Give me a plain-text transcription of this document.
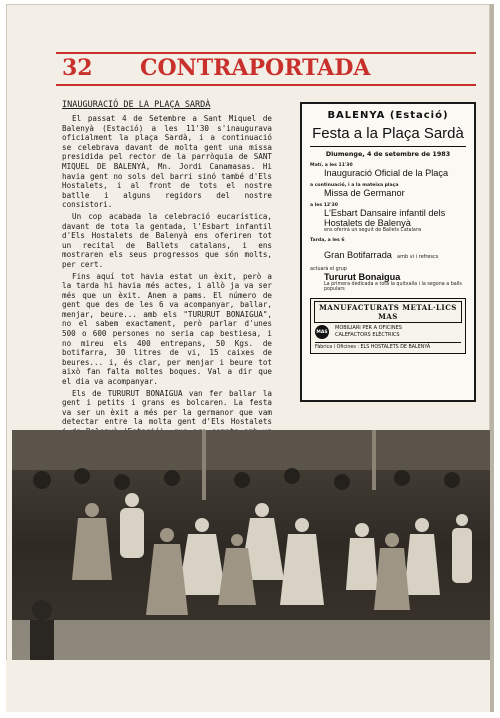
32 CONTRAPORTADA
INAUGURACIÓ DE LA PLAÇA SARDÀ

El passat 4 de Setembre a Sant Miquel de Balenyà (Estació) a les 11'30 s'inaugurava oficialment la plaça Sardà, i a continuació se celebrava davant de molta gent una missa presidida pel rector de la parròquia de SANT MIQUEL DE BALENYÀ, Mn. Jordi Canamasas. Hi havia gent no sols del barri sinó també d'Els Hostalets, i al front de tots el nostre batlle i alguns regidors del nostre consistori.

Un cop acabada la celebració eucarística, davant de tota la gentada, l'Esbart infantil d'Els Hostalets de Balenyà ens oferiren tot un recital de Ballets catalans, i ens mostraren els seus progressos que són molts, per cert.

Fins aquí tot havia estat un èxit, però a la tarda hi havia més actes, i allò ja va ser més que un èxit. Anem a pams. El número de gent que des de les 6 va acompanyar, ballar, menjar, beure... amb els "TURURUT BONAIGUA", no el sabem exactament, però parlar d'unes 500 o 600 persones no seria cap bestiesa, i no mireu els 400 entrepans, 50 Kgs. de botifarra, 30 litres de vi, 15 caixes de beures... i, és clar, per menjar i beure tot això fan falta moltes boques. Val a dir que el dia va acompanyar.

Els de TURURUT BONAIGUA van fer ballar la gent i petits i grans es bolcaren. La festa va ser un èxit a més per la germanor que vam detectar entre la molta gent d'Els Hostalets

BALENYA (Estació)
Festa a la Plaça Sardà
Diumenge, 4 de setembre de 1983
Matí, a les 11'30
Inauguració Oficial de la Plaça
a continuació, i a la mateixa plaça
Missa de Germanor
a les 12'30
L'Esbart Dansaire infantil dels Hostalets de Balenyà
ens oferirà un seguit de Ballets Catalans
Tarda, a les 6
Gran Botifarrada amb vi i refrescs
actuarà el grup
Tururut Bonaigua
La primera dedicada a tota la quitxalla i la segona a balls populars
MANUFACTURATS METAL·LICS MAS
MAS
MOBILIARI PER A OFICINES
CALEFACTORS ELÈCTRICS
Fàbrica i Oficines : ELS HOSTALETS DE BALENYÀ
